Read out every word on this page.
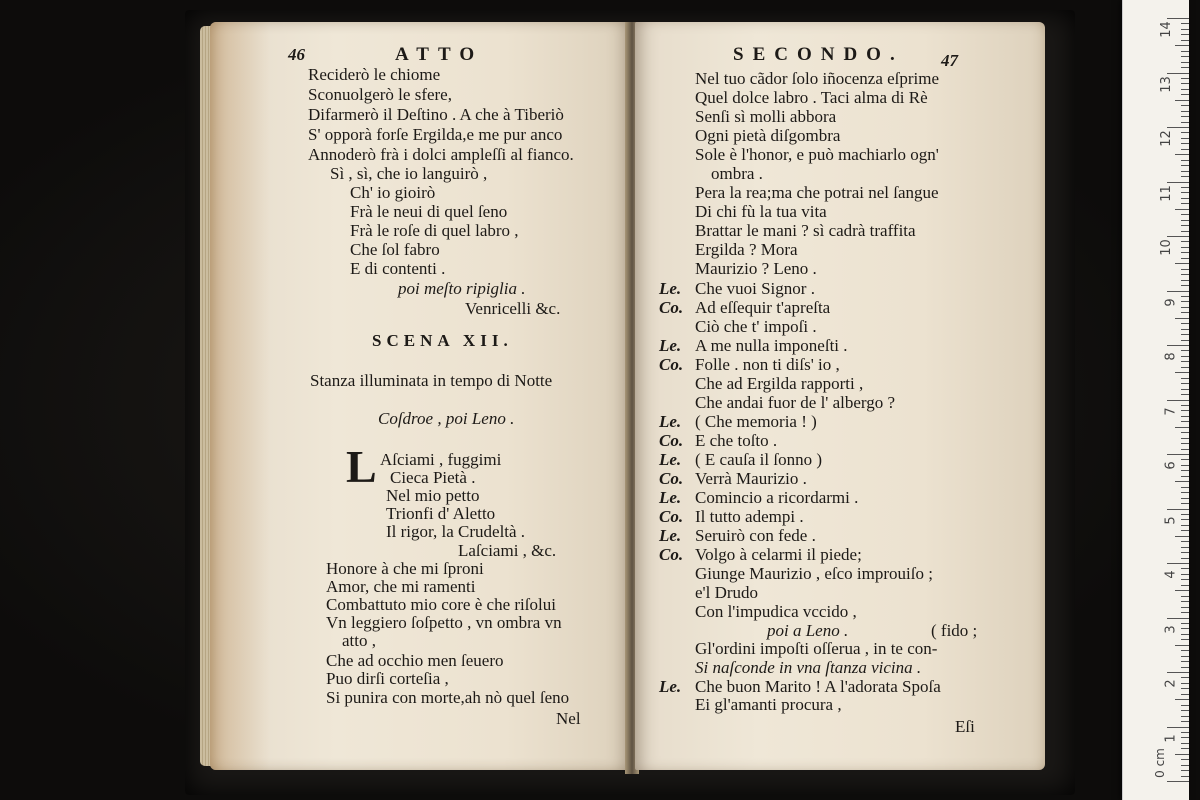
46	ATTO
Reciderò le chiome
Sconuolgerò le sfere,
Difarmerò il Deſtino . A che à Tiberiò
S' opporà forſe Ergilda,e me pur anco
Annoderò frà i dolci ampleſſi al fianco.
Sì , sì, che io languirò ,
Ch' io gioirò
Frà le neui di quel ſeno
Frà le roſe di quel labro ,
Che ſol fabro
E di contenti .
poi meſto ripiglia .
Venricelli &c.
SCENA XII.
Stanza illuminata in tempo di Notte
Coſdroe , poi Leno .
L Aſciami , fuggimi
Cieca Pietà .
Nel mio petto
Trionfi d' Aletto
Il rigor, la Crudeltà .
Laſciami , &c.
Honore à che mi ſproni
Amor, che mi ramenti
Combattuto mio core è che riſolui
Vn leggiero ſoſpetto , vn ombra vn
atto ,
Che ad occhio men ſeuero
Puo dirſi corteſia ,
Si punira con morte,ah nò quel ſeno
Nel
SECONDO. 47
Nel tuo cãdor ſolo iñocenza eſprime
Quel dolce labro . Taci alma di Rè
Senſi sì molli abbora
Ogni pietà diſgombra
Sole è l'honor, e può machiarlo ogn'
ombra .
Pera la rea;ma che potrai nel ſangue
Di chi fù la tua vita
Brattar le mani ? sì cadrà traffita
Ergilda ? Mora
Maurizio ? Leno .
Le. Che vuoi Signor .
Co. Ad eſſequir t'apreſta
Ciò che t' impoſi .
Le. A me nulla imponeſti .
Co. Folle . non ti diſs' io ,
Che ad Ergilda rapporti ,
Che andai fuor de l' albergo ?
Le. ( Che memoria ! )
Co. E che toſto .
Le. ( E cauſa il ſonno )
Co. Verrà Maurizio .
Le. Comincio a ricordarmi .
Co. Il tutto adempi .
Le. Seruirò con fede .
Co. Volgo à celarmi il piede;
Giunge Maurizio , eſco improuiſo ;
e'l Drudo
Con l'impudica vccido ,
poi a Leno .	( fido ;
Gl'ordini impoſti oſſerua , in te con-
Si naſconde in vna ſtanza vicina .
Le. Che buon Marito ! A l'adorata Spoſa
Ei gl'amanti procura ,
Eſi
14
13
12
11
10
9
8
7
6
5
4
3
2
1
0 cm
